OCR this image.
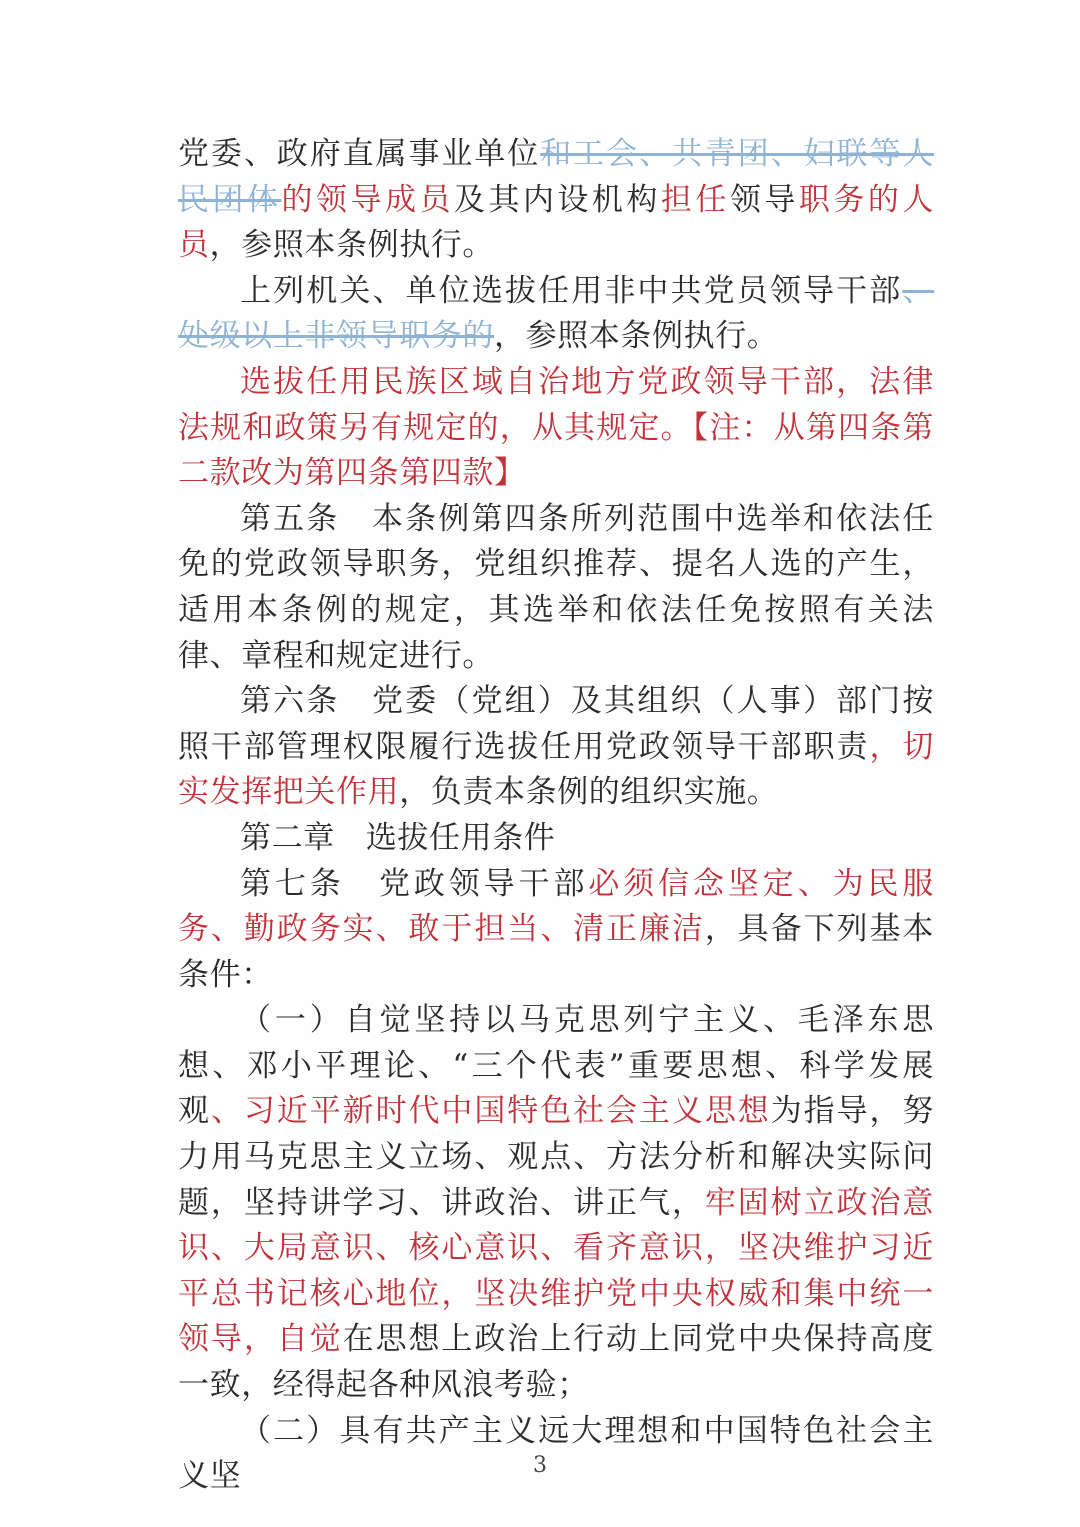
党委、政府直属事业单位和工会、共青团、妇联等人民团体的领导成员及其内设机构担任领导职务的人员，参照本条例执行。

上列机关、单位选拔任用非中共党员领导干部、处级以上非领导职务的，参照本条例执行。

选拔任用民族区域自治地方党政领导干部，法律法规和政策另有规定的，从其规定。【注：从第四条第二款改为第四条第四款】

第五条 本条例第四条所列范围中选举和依法任免的党政领导职务，党组织推荐、提名人选的产生，适用本条例的规定，其选举和依法任免按照有关法律、章程和规定进行。

第六条 党委（党组）及其组织（人事）部门按照干部管理权限履行选拔任用党政领导干部职责，切实发挥把关作用，负责本条例的组织实施。

第二章 选拔任用条件

第七条 党政领导干部必须信念坚定、为民服务、勤政务实、敢于担当、清正廉洁，具备下列基本条件：

（一）自觉坚持以马克思列宁主义、毛泽东思想、邓小平理论、“三个代表”重要思想、科学发展观、习近平新时代中国特色社会主义思想为指导，努力用马克思主义立场、观点、方法分析和解决实际问题，坚持讲学习、讲政治、讲正气，牢固树立政治意识、大局意识、核心意识、看齐意识，坚决维护习近平总书记核心地位，坚决维护党中央权威和集中统一领导，自觉在思想上政治上行动上同党中央保持高度一致，经得起各种风浪考验；

（二）具有共产主义远大理想和中国特色社会主义坚	3
